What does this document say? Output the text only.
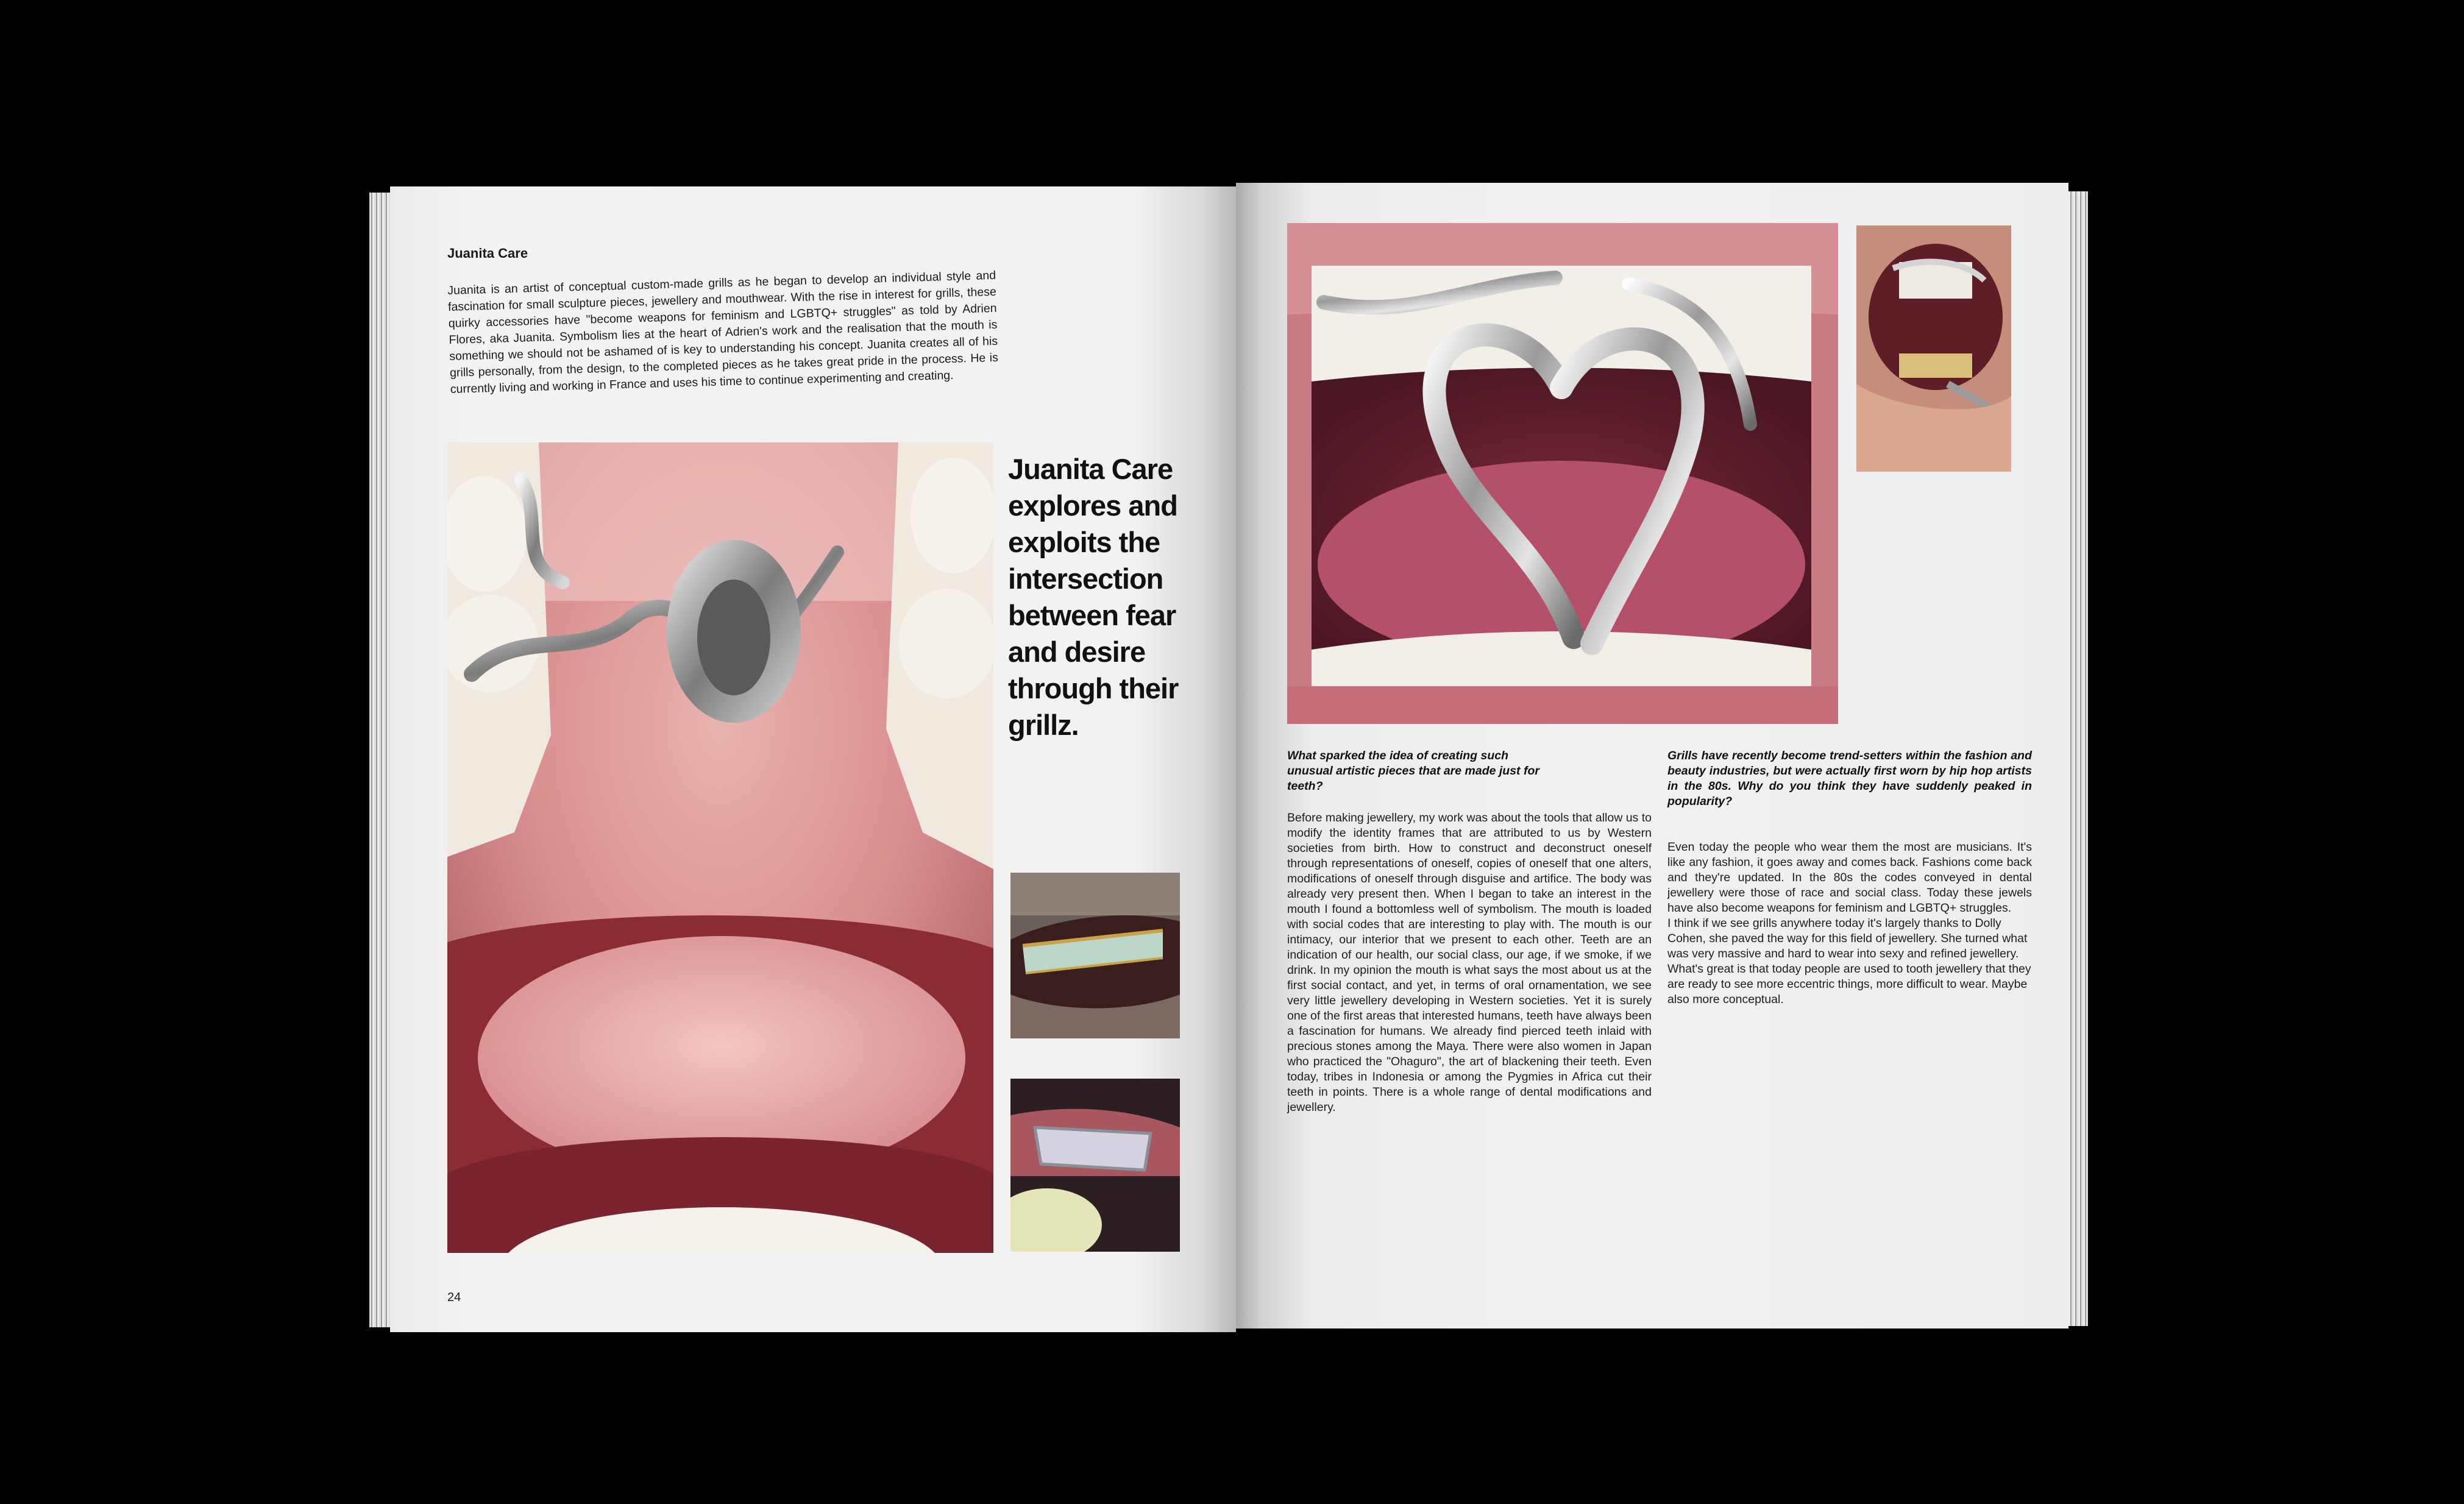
Juanita Care
Juanita is an artist of conceptual custom-made grills as he began to develop an individual style and fascination for small sculpture pieces, jewellery and mouthwear. With the rise in interest for grills, these quirky accessories have "become weapons for feminism and LGBTQ+ struggles" as told by Adrien Flores, aka Juanita. Symbolism lies at the heart of Adrien's work and the realisation that the mouth is something we should not be ashamed of is key to understanding his concept. Juanita creates all of his grills personally, from the design, to the completed pieces as he takes great pride in the process. He is currently living and working in France and uses his time to continue experimenting and creating.
Juanita Care explores and exploits the intersection between fear and desire through their grillz.
24
What sparked the idea of creating such unusual artistic pieces that are made just for teeth?
Before making jewellery, my work was about the tools that allow us to modify the identity frames that are attributed to us by Western societies from birth. How to construct and deconstruct oneself through representations of oneself, copies of oneself that one alters, modifications of oneself through disguise and artifice. The body was already very present then. When I began to take an interest in the mouth I found a bottomless well of symbolism. The mouth is loaded with social codes that are interesting to play with. The mouth is our intimacy, our interior that we present to each other. Teeth are an indication of our health, our social class, our age, if we smoke, if we drink. In my opinion the mouth is what says the most about us at the first social contact, and yet, in terms of oral ornamentation, we see very little jewellery developing in Western societies. Yet it is surely one of the first areas that interested humans, teeth have always been a fascination for humans. We already find pierced teeth inlaid with precious stones among the Maya. There were also women in Japan who practiced the "Ohaguro", the art of blackening their teeth. Even today, tribes in Indonesia or among the Pygmies in Africa cut their teeth in points. There is a whole range of dental modifications and jewellery.
Grills have recently become trend-setters within the fashion and beauty industries, but were actually first worn by hip hop artists in the 80s. Why do you think they have suddenly peaked in popularity?

Even today the people who wear them the most are musicians. It's like any fashion, it goes away and comes back. Fashions come back and they're updated. In the 80s the codes conveyed in dental jewellery were those of race and social class. Today these jewels have also become weapons for feminism and LGBTQ+ struggles.

I think if we see grills anywhere today it's largely thanks to Dolly Cohen, she paved the way for this field of jewellery. She turned what was very massive and hard to wear into sexy and refined jewellery. What's great is that today people are used to tooth jewellery that they are ready to see more eccentric things, more difficult to wear. Maybe also more conceptual.
